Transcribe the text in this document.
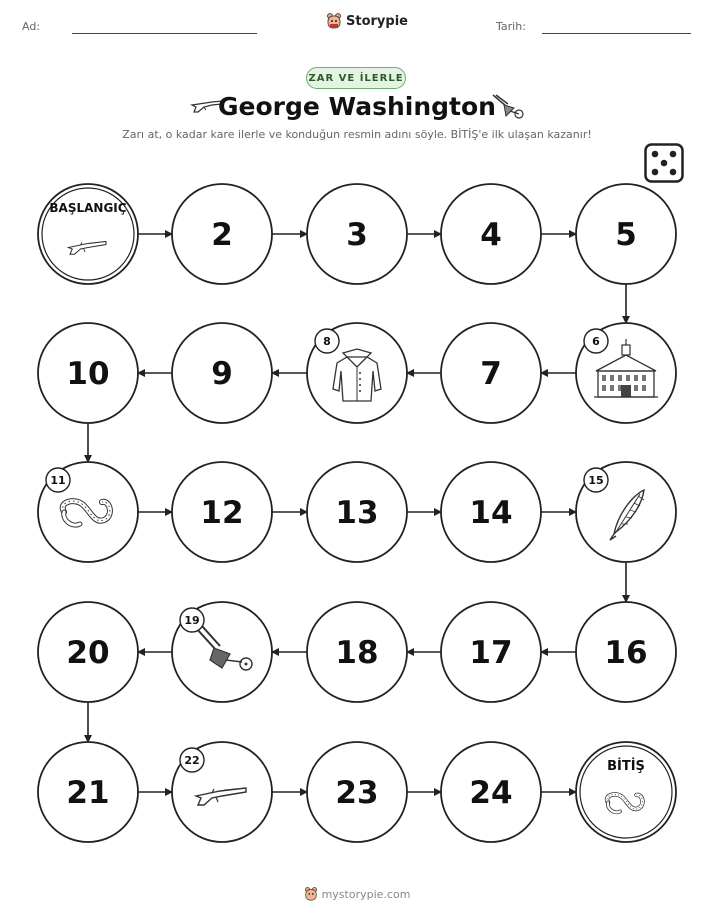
Ad:	Storypie	Tarih:
ZAR VE İLERLE
George Washington
Zarı at, o kadar kare ilerle ve konduğun resmin adını söyle. BİTİŞ'e ilk ulaşan kazanır!
BAŞLANGIÇ
2	3	4	5
6
7
8
9
10
11
12	13	14
15
16
17
18
19
20
21
22
23	24
BİTİŞ
mystorypie.com
